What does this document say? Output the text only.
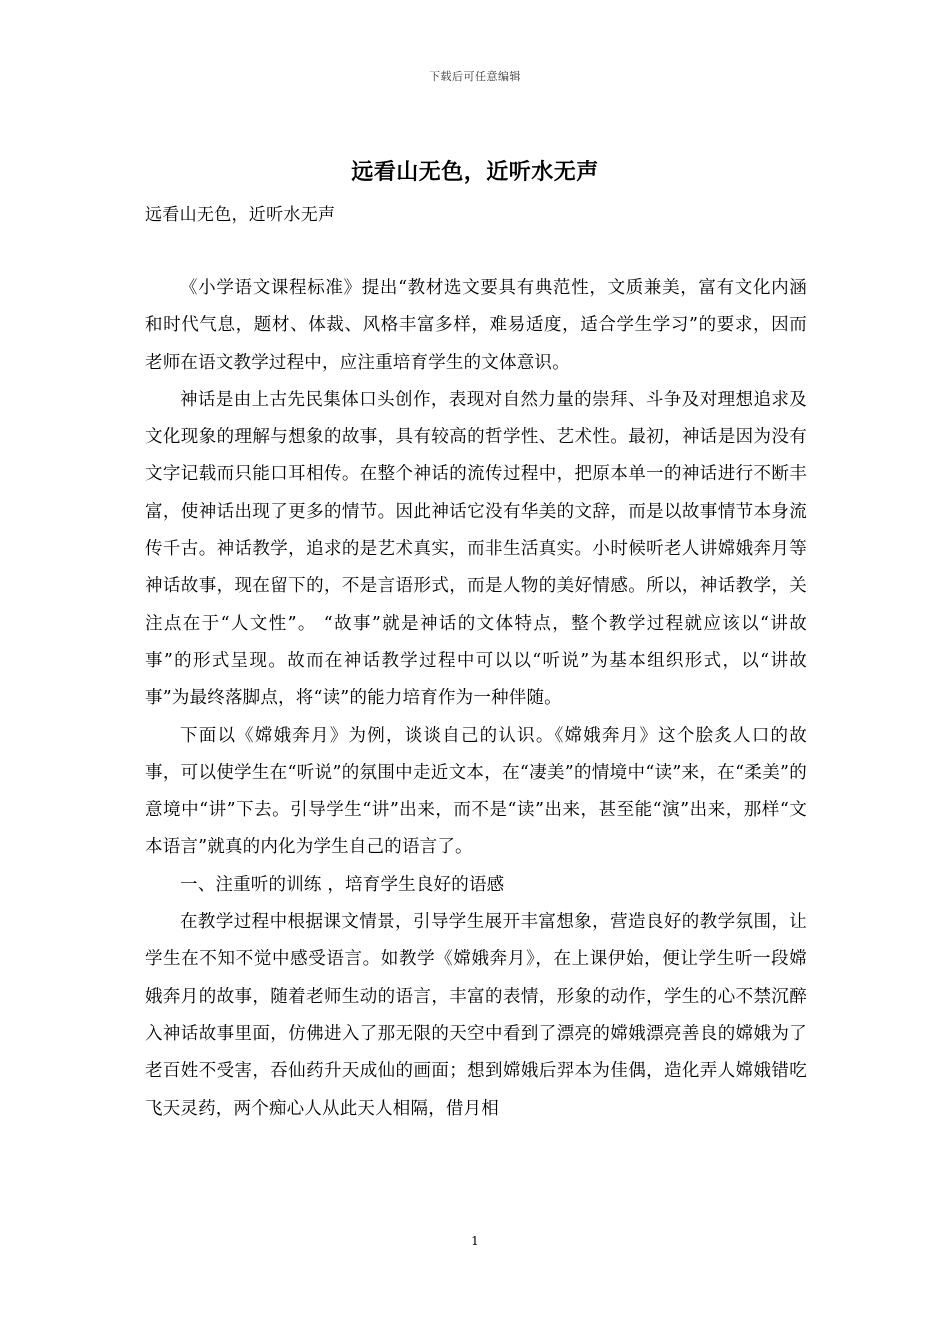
下载后可任意编辑
远看山无色，近听水无声
远看山无色，近听水无声

《小学语文课程标准》提出“教材选文要具有典范性，文质兼美，富有文化内涵和时代气息，题材、体裁、风格丰富多样，难易适度，适合学生学习”的要求，因而老师在语文教学过程中，应注重培育学生的文体意识。

神话是由上古先民集体口头创作，表现对自然力量的崇拜、斗争及对理想追求及文化现象的理解与想象的故事，具有较高的哲学性、艺术性。最初，神话是因为没有文字记载而只能口耳相传。在整个神话的流传过程中，把原本单一的神话进行不断丰富，使神话出现了更多的情节。因此神话它没有华美的文辞，而是以故事情节本身流传千古。神话教学，追求的是艺术真实，而非生活真实。小时候听老人讲嫦娥奔月等神话故事，现在留下的，不是言语形式，而是人物的美好情感。所以，神话教学，关注点在于“人文性”。 “故事”就是神话的文体特点，整个教学过程就应该以“讲故事”的形式呈现。故而在神话教学过程中可以以“听说”为基本组织形式，以“讲故事”为最终落脚点，将“读”的能力培育作为一种伴随。

下面以《嫦娥奔月》为例，谈谈自己的认识。《嫦娥奔月》这个脍炙人口的故事，可以使学生在“听说”的氛围中走近文本，在“凄美”的情境中“读”来，在“柔美”的意境中“讲”下去。引导学生“讲”出来，而不是“读”出来，甚至能“演”出来，那样“文本语言”就真的内化为学生自己的语言了。

一、注重听的训练 ，培育学生良好的语感

在教学过程中根据课文情景，引导学生展开丰富想象，营造良好的教学氛围，让学生在不知不觉中感受语言。如教学《嫦娥奔月》，在上课伊始，便让学生听一段嫦娥奔月的故事，随着老师生动的语言，丰富的表情，形象的动作，学生的心不禁沉醉入神话故事里面，仿佛进入了那无限的天空中看到了漂亮的嫦娥漂亮善良的嫦娥为了老百姓不受害，吞仙药升天成仙的画面；想到嫦娥后羿本为佳偶，造化弄人嫦娥错吃飞天灵药，两个痴心人从此天人相隔，借月相

1
